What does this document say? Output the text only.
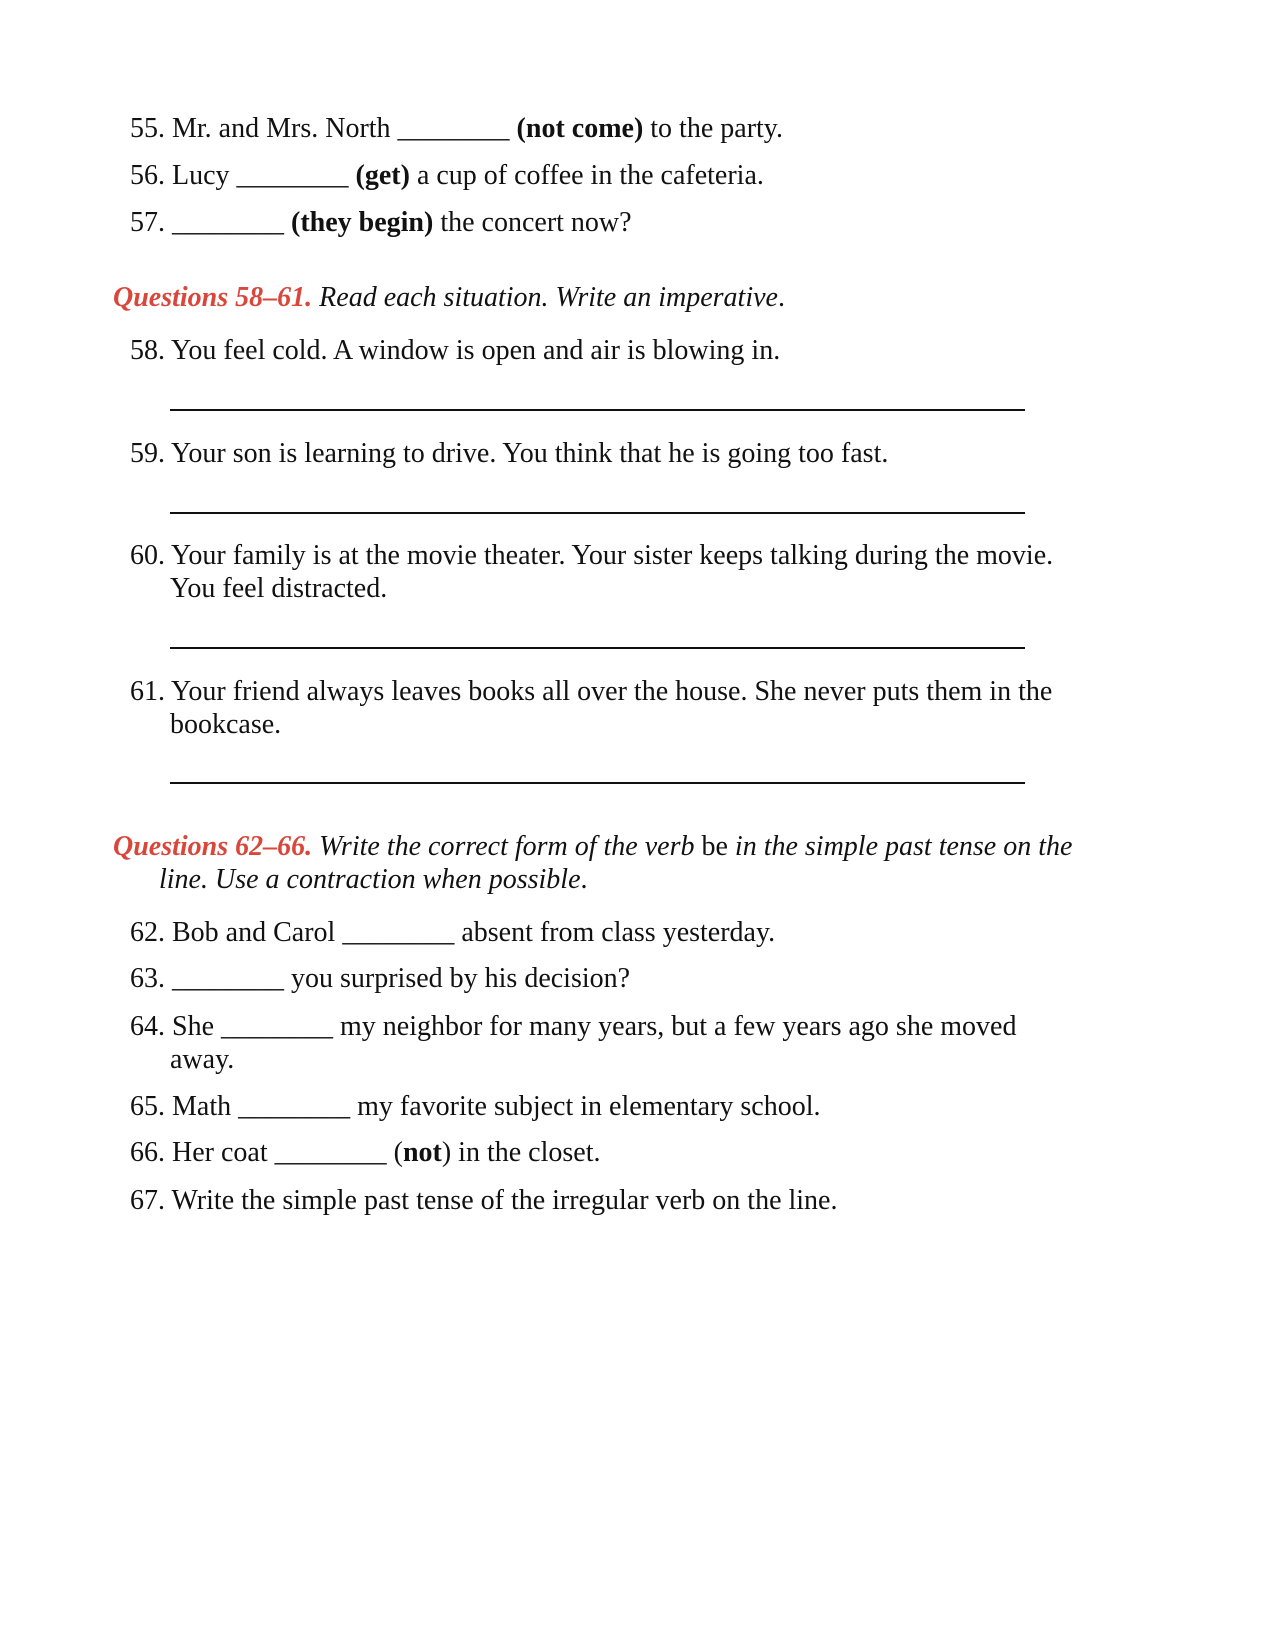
55. Mr. and Mrs. North ________ (not come) to the party.
56. Lucy ________ (get) a cup of coffee in the cafeteria.
57. ________ (they begin) the concert now?
Questions 58–61. Read each situation. Write an imperative.
58. You feel cold. A window is open and air is blowing in.
59. Your son is learning to drive. You think that he is going too fast.
60. Your family is at the movie theater. Your sister keeps talking during the movie.
You feel distracted.
61. Your friend always leaves books all over the house. She never puts them in the
bookcase.
Questions 62–66. Write the correct form of the verb be in the simple past tense on the
line. Use a contraction when possible.
62. Bob and Carol ________ absent from class yesterday.
63. ________ you surprised by his decision?
64. She ________ my neighbor for many years, but a few years ago she moved
away.
65. Math ________ my favorite subject in elementary school.
66. Her coat ________ (not) in the closet.
67. Write the simple past tense of the irregular verb on the line.
